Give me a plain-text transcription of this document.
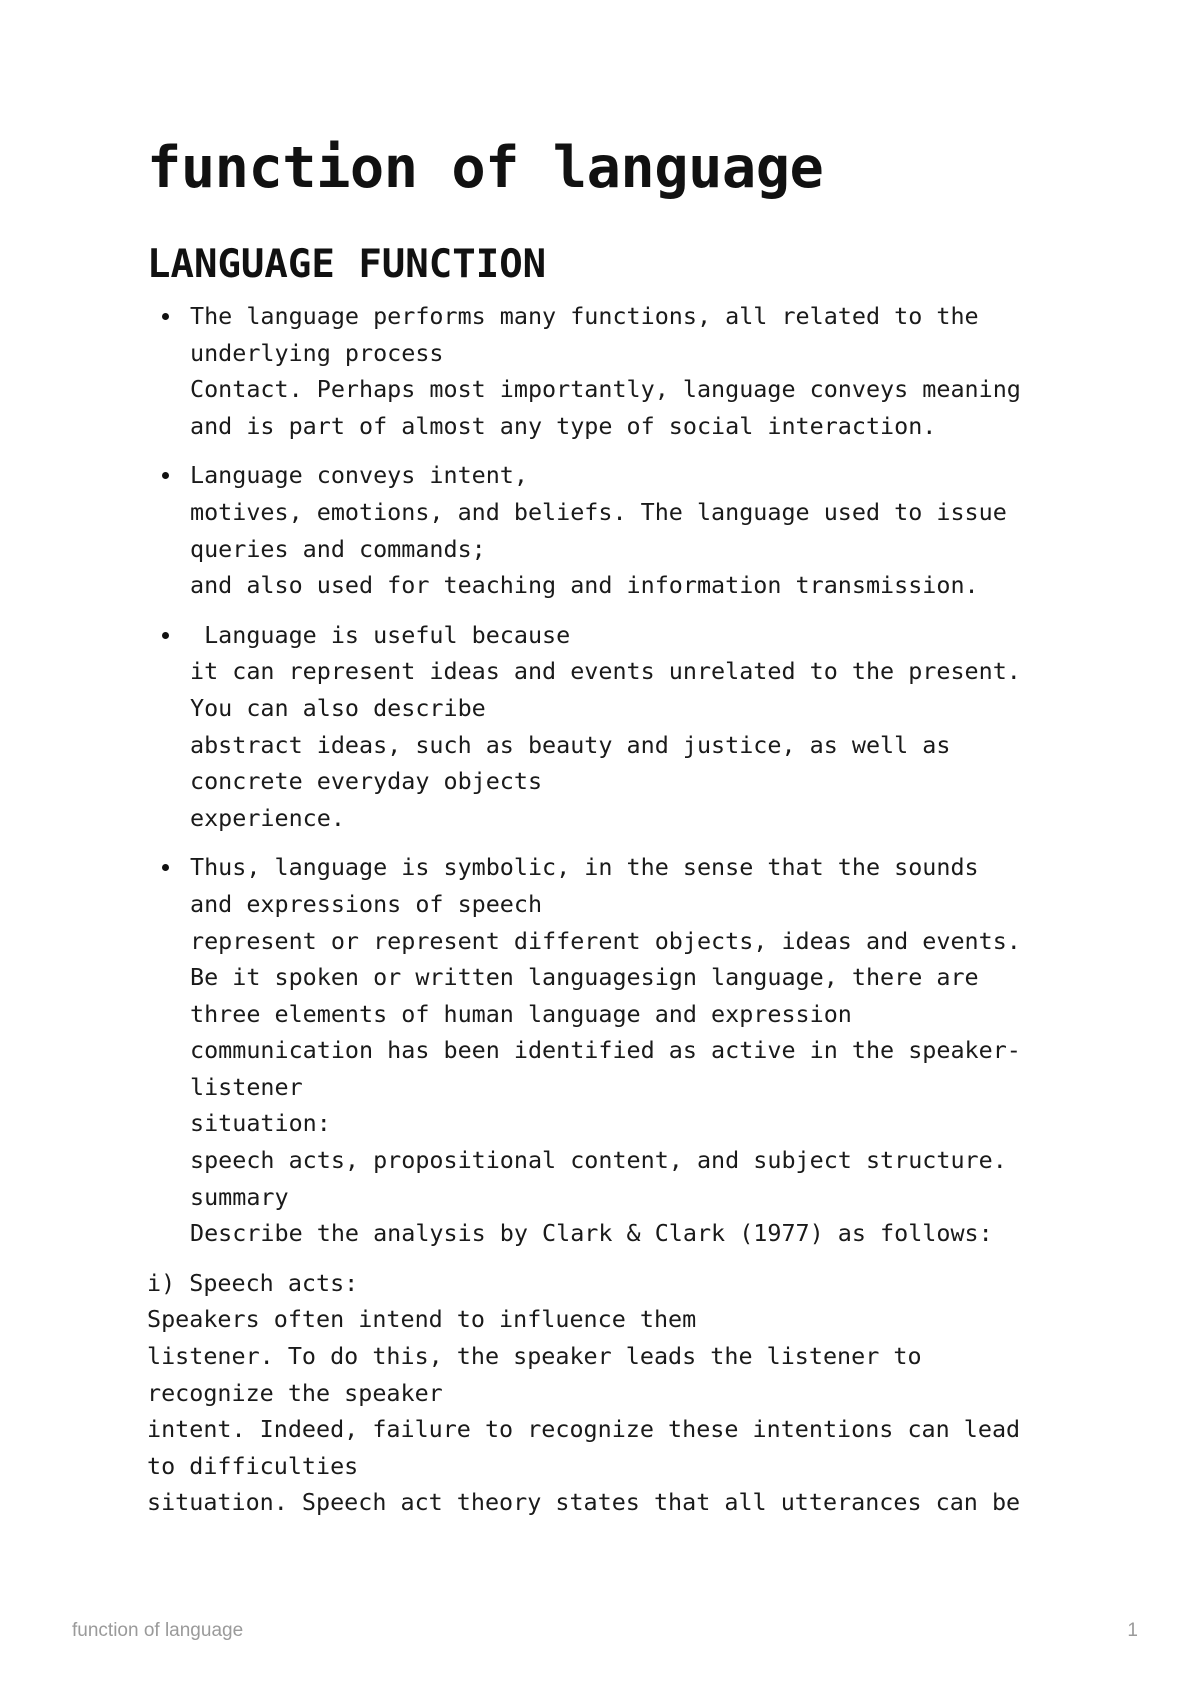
function of language
LANGUAGE FUNCTION
The language performs many functions, all related to the
underlying process
Contact. Perhaps most importantly, language conveys meaning
and is part of almost any type of social interaction.
Language conveys intent,
motives, emotions, and beliefs. The language used to issue
queries and commands;
and also used for teaching and information transmission.
Language is useful because
it can represent ideas and events unrelated to the present.
You can also describe
abstract ideas, such as beauty and justice, as well as
concrete everyday objects
experience.
Thus, language is symbolic, in the sense that the sounds
and expressions of speech
represent or represent different objects, ideas and events.
Be it spoken or written languagesign language, there are
three elements of human language and expression
communication has been identified as active in the speaker-
listener
situation:
speech acts, propositional content, and subject structure.
summary
Describe the analysis by Clark & Clark (1977) as follows:
i) Speech acts:
Speakers often intend to influence them
listener. To do this, the speaker leads the listener to
recognize the speaker
intent. Indeed, failure to recognize these intentions can lead
to difficulties
situation. Speech act theory states that all utterances can be
function of language	1
